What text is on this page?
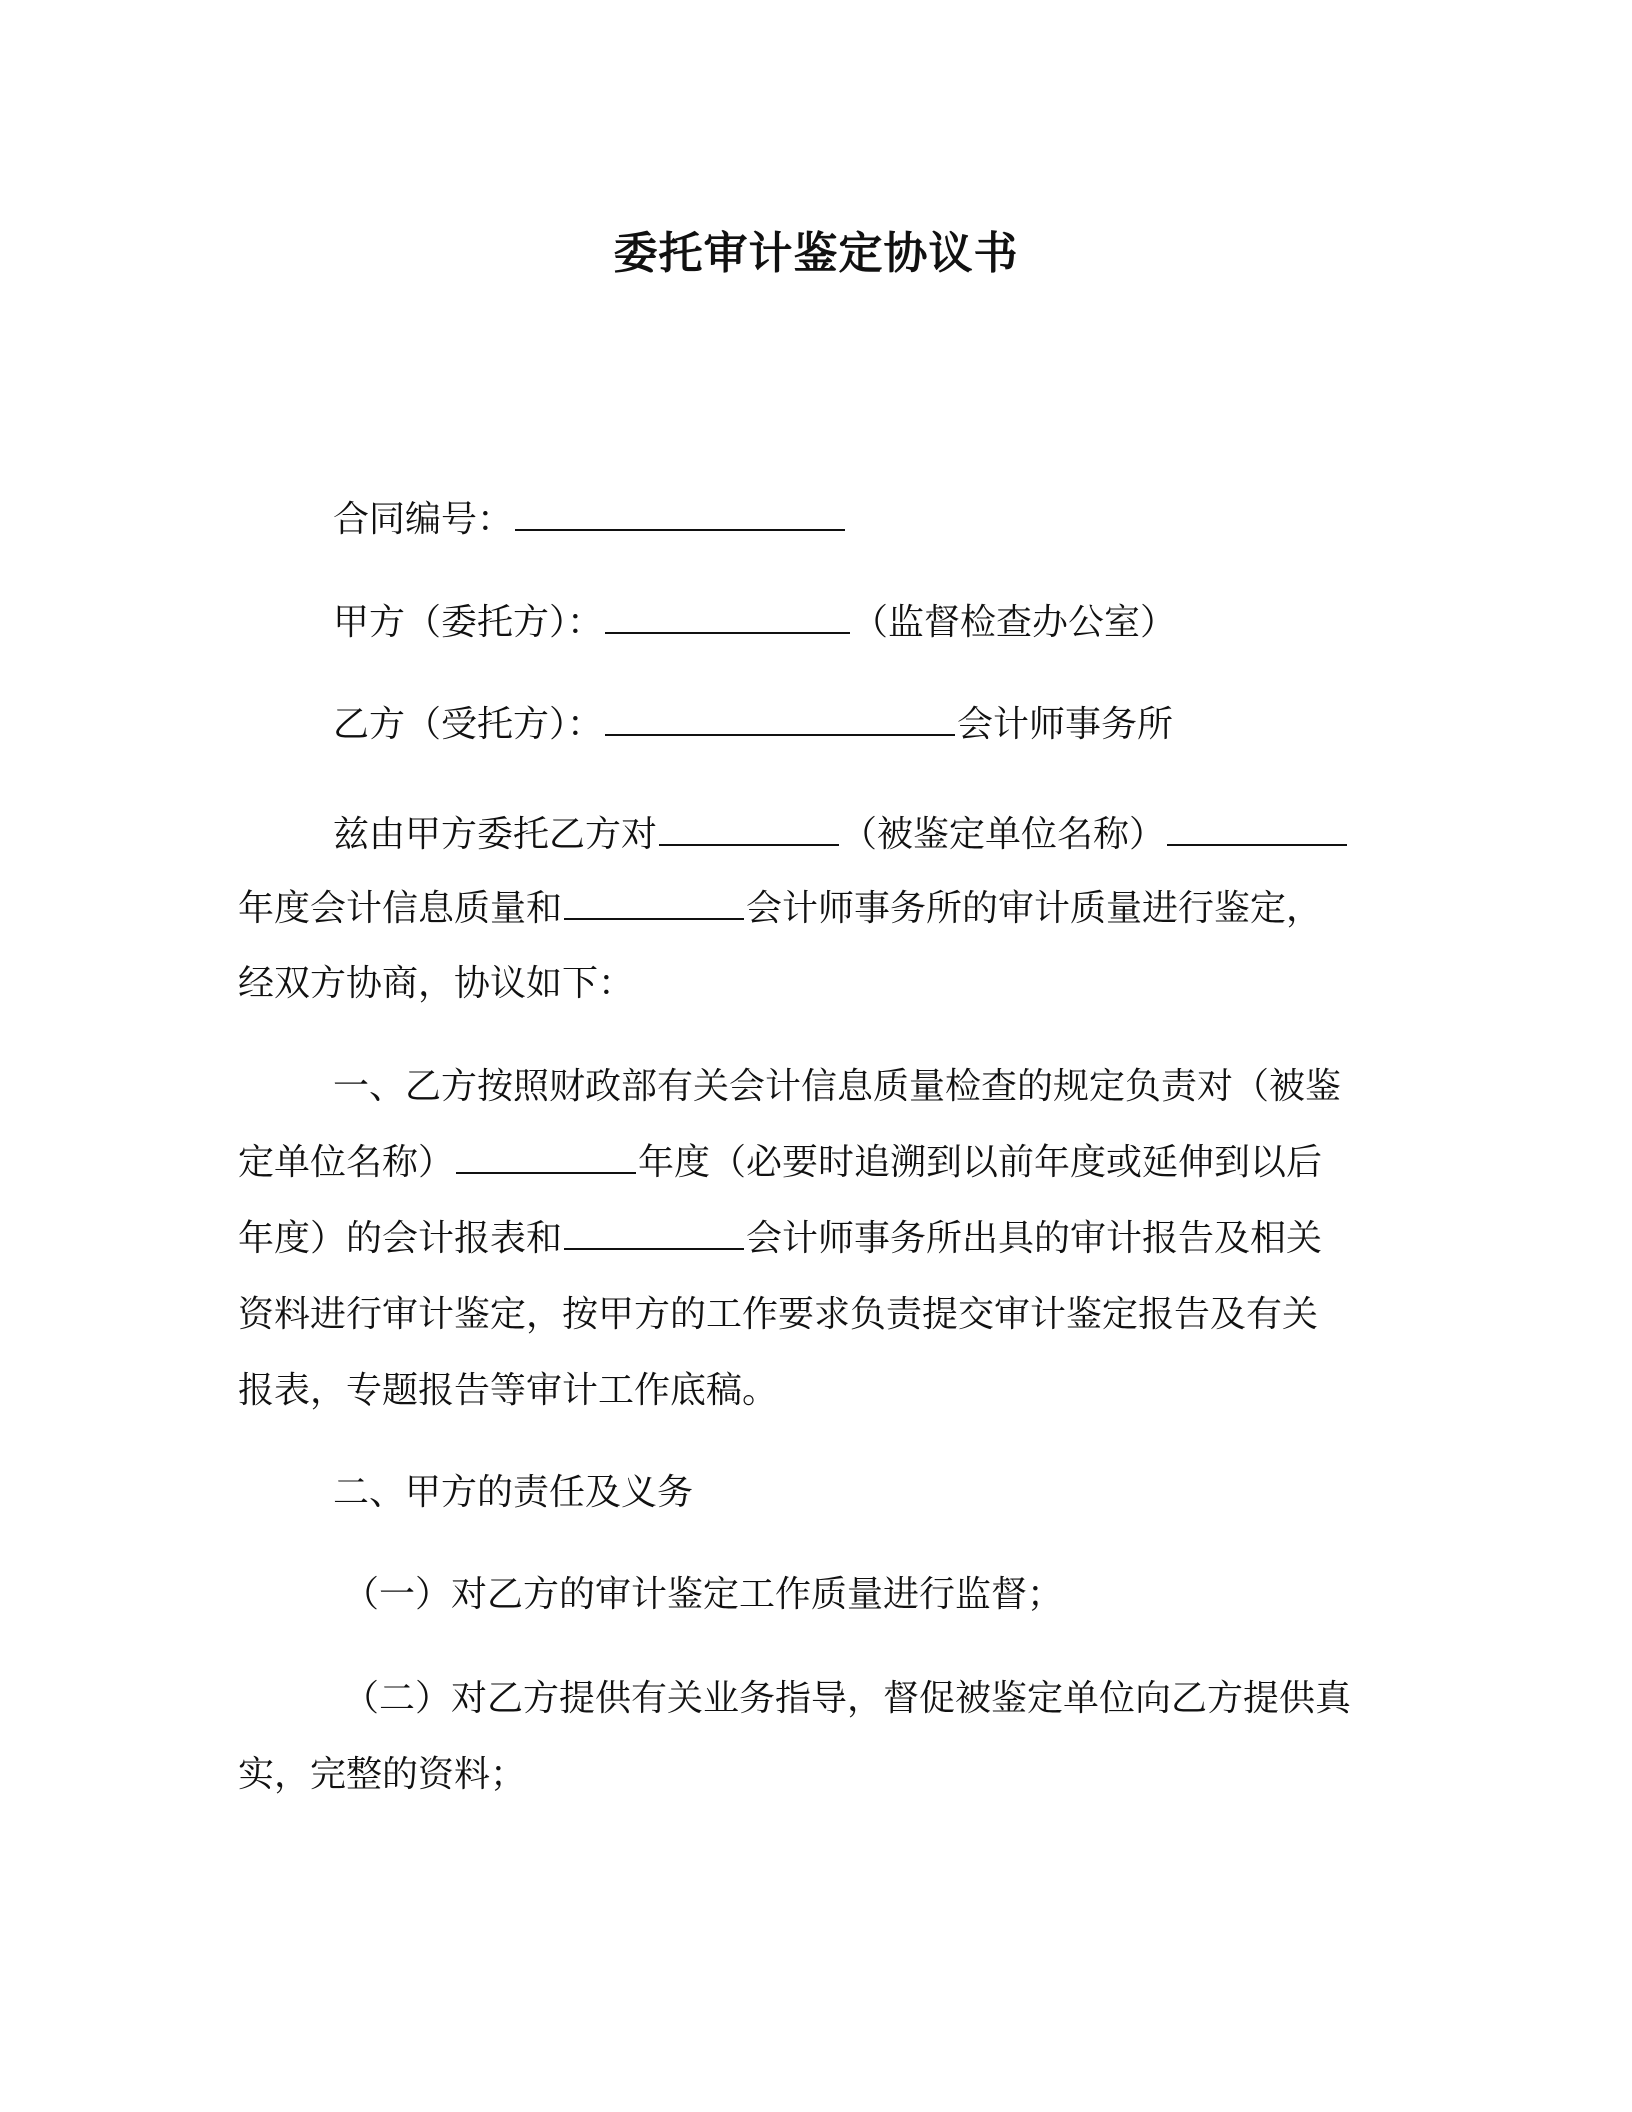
委托审计鉴定协议书
合同编号：
甲方（委托方）：	（监督检查办公室）
乙方（受托方）：	会计师事务所
兹由甲方委托乙方对	（被鉴定单位名称）
年度会计信息质量和	会计师事务所的审计质量进行鉴定，
经双方协商，协议如下：
一、乙方按照财政部有关会计信息质量检查的规定负责对（被鉴
定单位名称）	年度（必要时追溯到以前年度或延伸到以后
年度）的会计报表和	会计师事务所出具的审计报告及相关
资料进行审计鉴定，按甲方的工作要求负责提交审计鉴定报告及有关
报表，专题报告等审计工作底稿。
二、甲方的责任及义务
（一）对乙方的审计鉴定工作质量进行监督；
（二）对乙方提供有关业务指导，督促被鉴定单位向乙方提供真
实，完整的资料；
